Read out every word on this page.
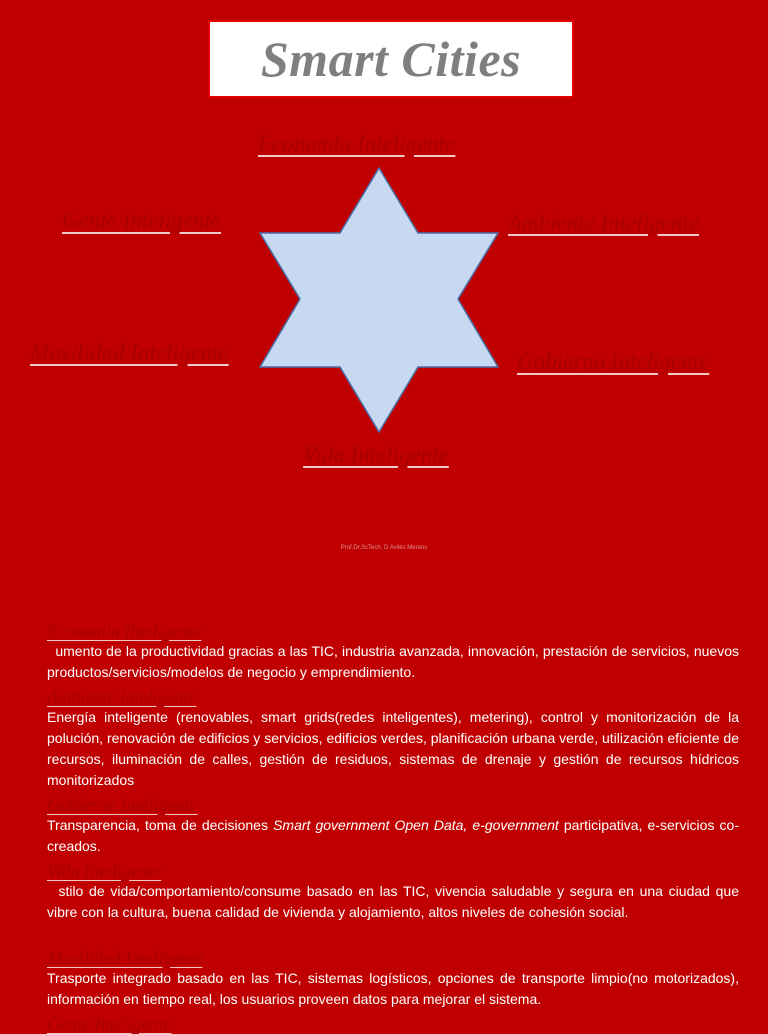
Smart Cities
Economia Inteligente
Gente Inteligente	Ambiente Inteligente
Movilidad Inteligente	Gobierno Inteligente
Vida Inteligente
Prof.Dr.ScTech. D Avilés Merens
Economia Inteligente
umento de la productividad gracias a las TIC, industria avanzada, innovación, prestación de servicios, nuevos productos/servicios/modelos de negocio y emprendimiento.
Ambiente Inteligente
Energía inteligente (renovables, smart grids(redes inteligentes), metering), control y monitorización de la polución, renovación de edificios y servicios, edificios verdes, planificación urbana verde, utilización eficiente de recursos, iluminación de calles, gestión de residuos, sistemas de drenaje y gestión de recursos hídricos monitorizados
Gobierno Inteligente
Transparencia, toma de decisiones Smart government Open Data, e-government participativa, e-servicios co-creados.
Vida Inteligente
stilo de vida/comportamiento/consume basado en las TIC, vivencia saludable y segura en una ciudad que vibre con la cultura, buena calidad de vivienda y alojamiento, altos niveles de cohesión social.
Movilidad Inteligente
Trasporte integrado basado en las TIC, sistemas logísticos, opciones de transporte limpio(no motorizados), información en tiempo real, los usuarios proveen datos para mejorar el sistema.
Gente Inteligente
